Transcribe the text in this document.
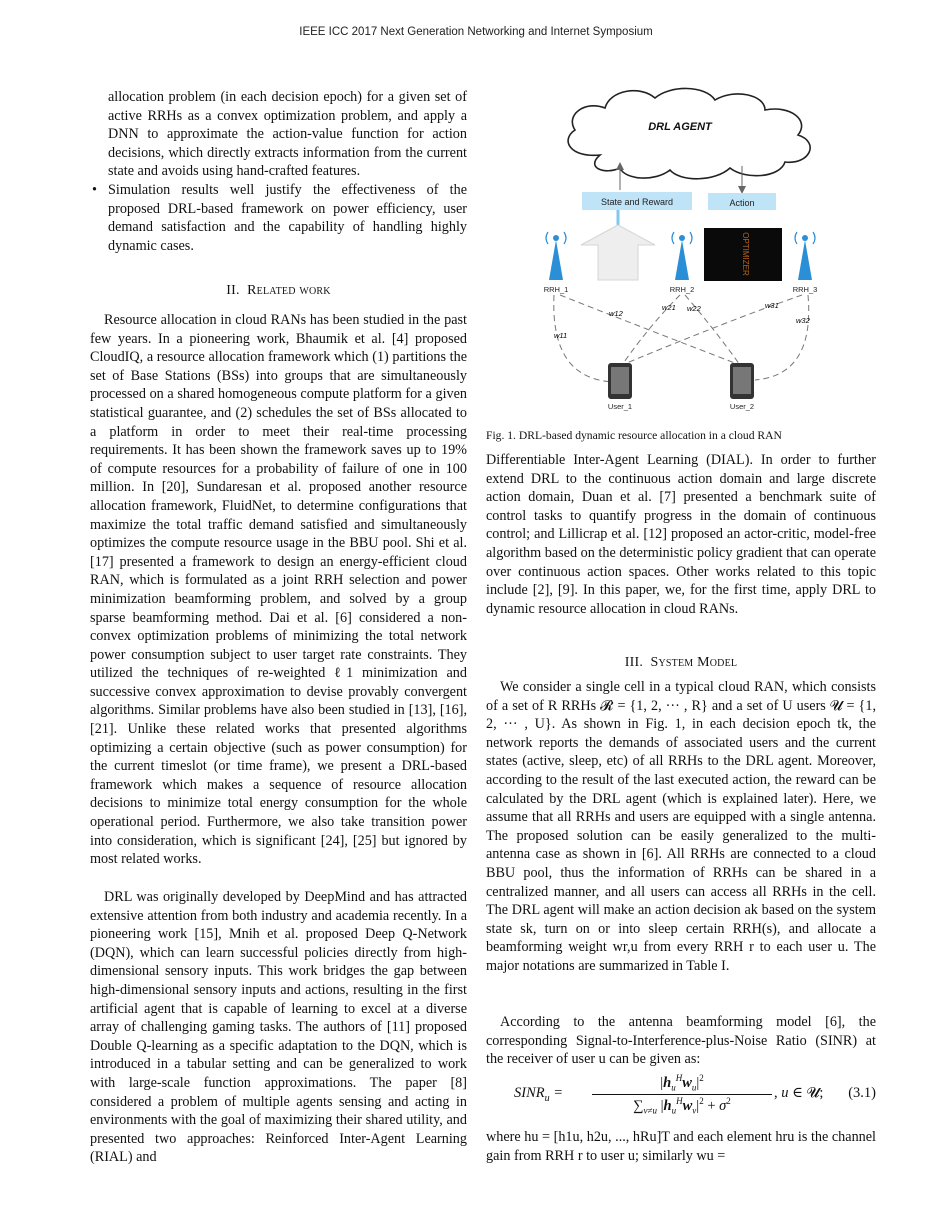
IEEE ICC 2017 Next Generation Networking and Internet Symposium

allocation problem (in each decision epoch) for a given set of active RRHs as a convex optimization problem, and apply a DNN to approximate the action-value function for action decisions, which directly extracts information from the current state and avoids using hand-crafted features.

• Simulation results well justify the effectiveness of the proposed DRL-based framework on power efficiency, user demand satisfaction and the capability of handling highly dynamic cases.

II. Related work

Resource allocation in cloud RANs has been studied in the past few years. In a pioneering work, Bhaumik et al. [4] proposed CloudIQ, a resource allocation framework which (1) partitions the set of Base Stations (BSs) into groups that are simultaneously processed on a shared homogeneous compute platform for a given statistical guarantee, and (2) schedules the set of BSs allocated to a platform in order to meet their real-time processing requirements. It has been shown the framework saves up to 19% of compute resources for a probability of failure of one in 100 million. In [20], Sundaresan et al. proposed another resource allocation framework, FluidNet, to determine configurations that maximize the total traffic demand satisfied and simultaneously optimizes the compute resource usage in the BBU pool. Shi et al. [17] presented a framework to design an energy-efficient cloud RAN, which is formulated as a joint RRH selection and power minimization beamforming problem, and solved by a group sparse beamforming method. Dai et al. [6] considered a non-convex optimization problems of minimizing the total network power consumption subject to user target rate constraints. They utilized the techniques of re-weighted ℓ1 minimization and successive convex approximation to devise provably convergent algorithms. Similar problems have also been studied in [13], [16], [21]. Unlike these related works that presented algorithms optimizing a certain objective (such as power consumption) for the current timeslot (or time frame), we present a DRL-based framework which makes a sequence of resource allocation decisions to minimize total energy consumption for the whole operational period. Furthermore, we also take transition power into consideration, which is significant [24], [25] but ignored by most related works.

DRL was originally developed by DeepMind and has attracted extensive attention from both industry and academia recently. In a pioneering work [15], Mnih et al. proposed Deep Q-Network (DQN), which can learn successful policies directly from high-dimensional sensory inputs. This work bridges the gap between high-dimensional sensory inputs and actions, resulting in the first artificial agent that is capable of learning to excel at a diverse array of challenging gaming tasks. The authors of [11] proposed Double Q-learning as a specific adaptation to the DQN, which is introduced in a tabular setting and can be generalized to work with large-scale function approximations. The paper [8] considered a problem of multiple agents sensing and acting in environments with the goal of maximizing their shared utility, and presented two approaches: Reinforced Inter-Agent Learning (RIAL) and

DRL AGENT
State and Reward	Action
OPTIMIZER
RRH_1	RRH_2	RRH_3
w11
w12
w21 w22	w31
w32
User_1	User_2
Fig. 1. DRL-based dynamic resource allocation in a cloud RAN

Differentiable Inter-Agent Learning (DIAL). In order to further extend DRL to the continuous action domain and large discrete action domain, Duan et al. [7] presented a benchmark suite of control tasks to quantify progress in the domain of continuous control; and Lillicrap et al. [12] proposed an actor-critic, model-free algorithm based on the deterministic policy gradient that can operate over continuous action spaces. Other works related to this topic include [2], [9]. In this paper, we, for the first time, apply DRL to dynamic resource allocation in cloud RANs.

III. System Model

We consider a single cell in a typical cloud RAN, which consists of a set of R RRHs 𝓡 = {1, 2, ··· , R} and a set of U users 𝓤 = {1, 2, ··· , U}. As shown in Fig. 1, in each decision epoch tk, the network reports the demands of associated users and the current states (active, sleep, etc) of all RRHs to the DRL agent. Moreover, according to the result of the last executed action, the reward can be calculated by the DRL agent (which is explained later). Here, we assume that all RRHs and users are equipped with a single antenna. The proposed solution can be easily generalized to the multi-antenna case as shown in [6]. All RRHs are connected to a cloud BBU pool, thus the information of RRHs can be shared in a centralized manner, and all users can access all RRHs in the cell. The DRL agent will make an action decision ak based on the system state sk, turn on or into sleep certain RRH(s), and allocate a beamforming weight wr,u from every RRH r to each user u. The major notations are summarized in Table I.

According to the antenna beamforming model [6], the corresponding Signal-to-Interference-plus-Noise Ratio (SINR) at the receiver of user u can be given as:

$SINR_u$ =
$|h_u^Hw_u|^2$
$\sum_{v\ne u}$ $|h_u^Hw_v|^2 + \sigma^2$	, u ∈ 𝓤; (3.1)

where hu = [h1u, h2u, ..., hRu]T and each element hru is the channel gain from RRH r to user u; similarly wu =
